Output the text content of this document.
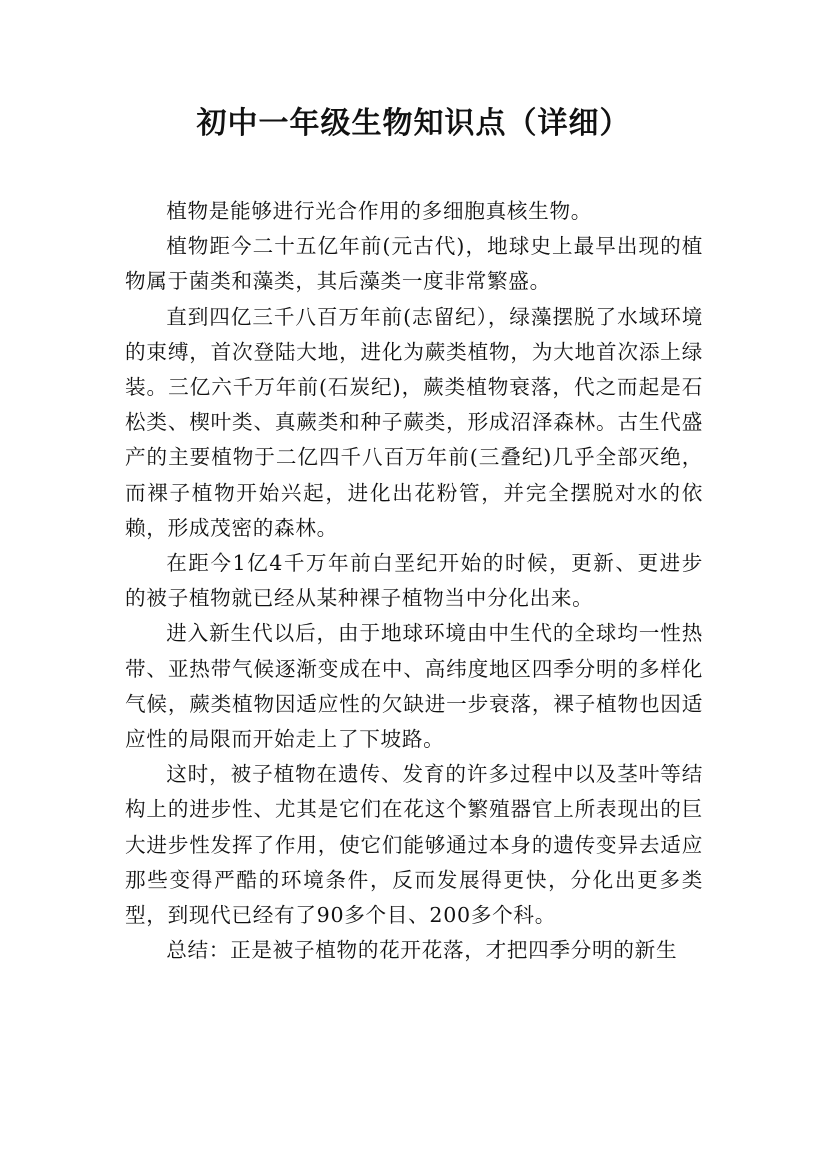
初中一年级生物知识点（详细）

植物是能够进行光合作用的多细胞真核生物。

植物距今二十五亿年前(元古代)，地球史上最早出现的植物属于菌类和藻类，其后藻类一度非常繁盛。

直到四亿三千八百万年前(志留纪），绿藻摆脱了水域环境的束缚，首次登陆大地，进化为蕨类植物，为大地首次添上绿装。三亿六千万年前(石炭纪)，蕨类植物衰落，代之而起是石松类、楔叶类、真蕨类和种子蕨类，形成沼泽森林。古生代盛产的主要植物于二亿四千八百万年前(三叠纪)几乎全部灭绝，而裸子植物开始兴起，进化出花粉管，并完全摆脱对水的依赖，形成茂密的森林。

在距今1亿4千万年前白垩纪开始的时候，更新、更进步的被子植物就已经从某种裸子植物当中分化出来。

进入新生代以后，由于地球环境由中生代的全球均一性热带、亚热带气候逐渐变成在中、高纬度地区四季分明的多样化气候，蕨类植物因适应性的欠缺进一步衰落，裸子植物也因适应性的局限而开始走上了下坡路。

这时，被子植物在遗传、发育的许多过程中以及茎叶等结构上的进步性、尤其是它们在花这个繁殖器官上所表现出的巨大进步性发挥了作用，使它们能够通过本身的遗传变异去适应那些变得严酷的环境条件，反而发展得更快，分化出更多类型，到现代已经有了90多个目、200多个科。

总结：正是被子植物的花开花落，才把四季分明的新生
